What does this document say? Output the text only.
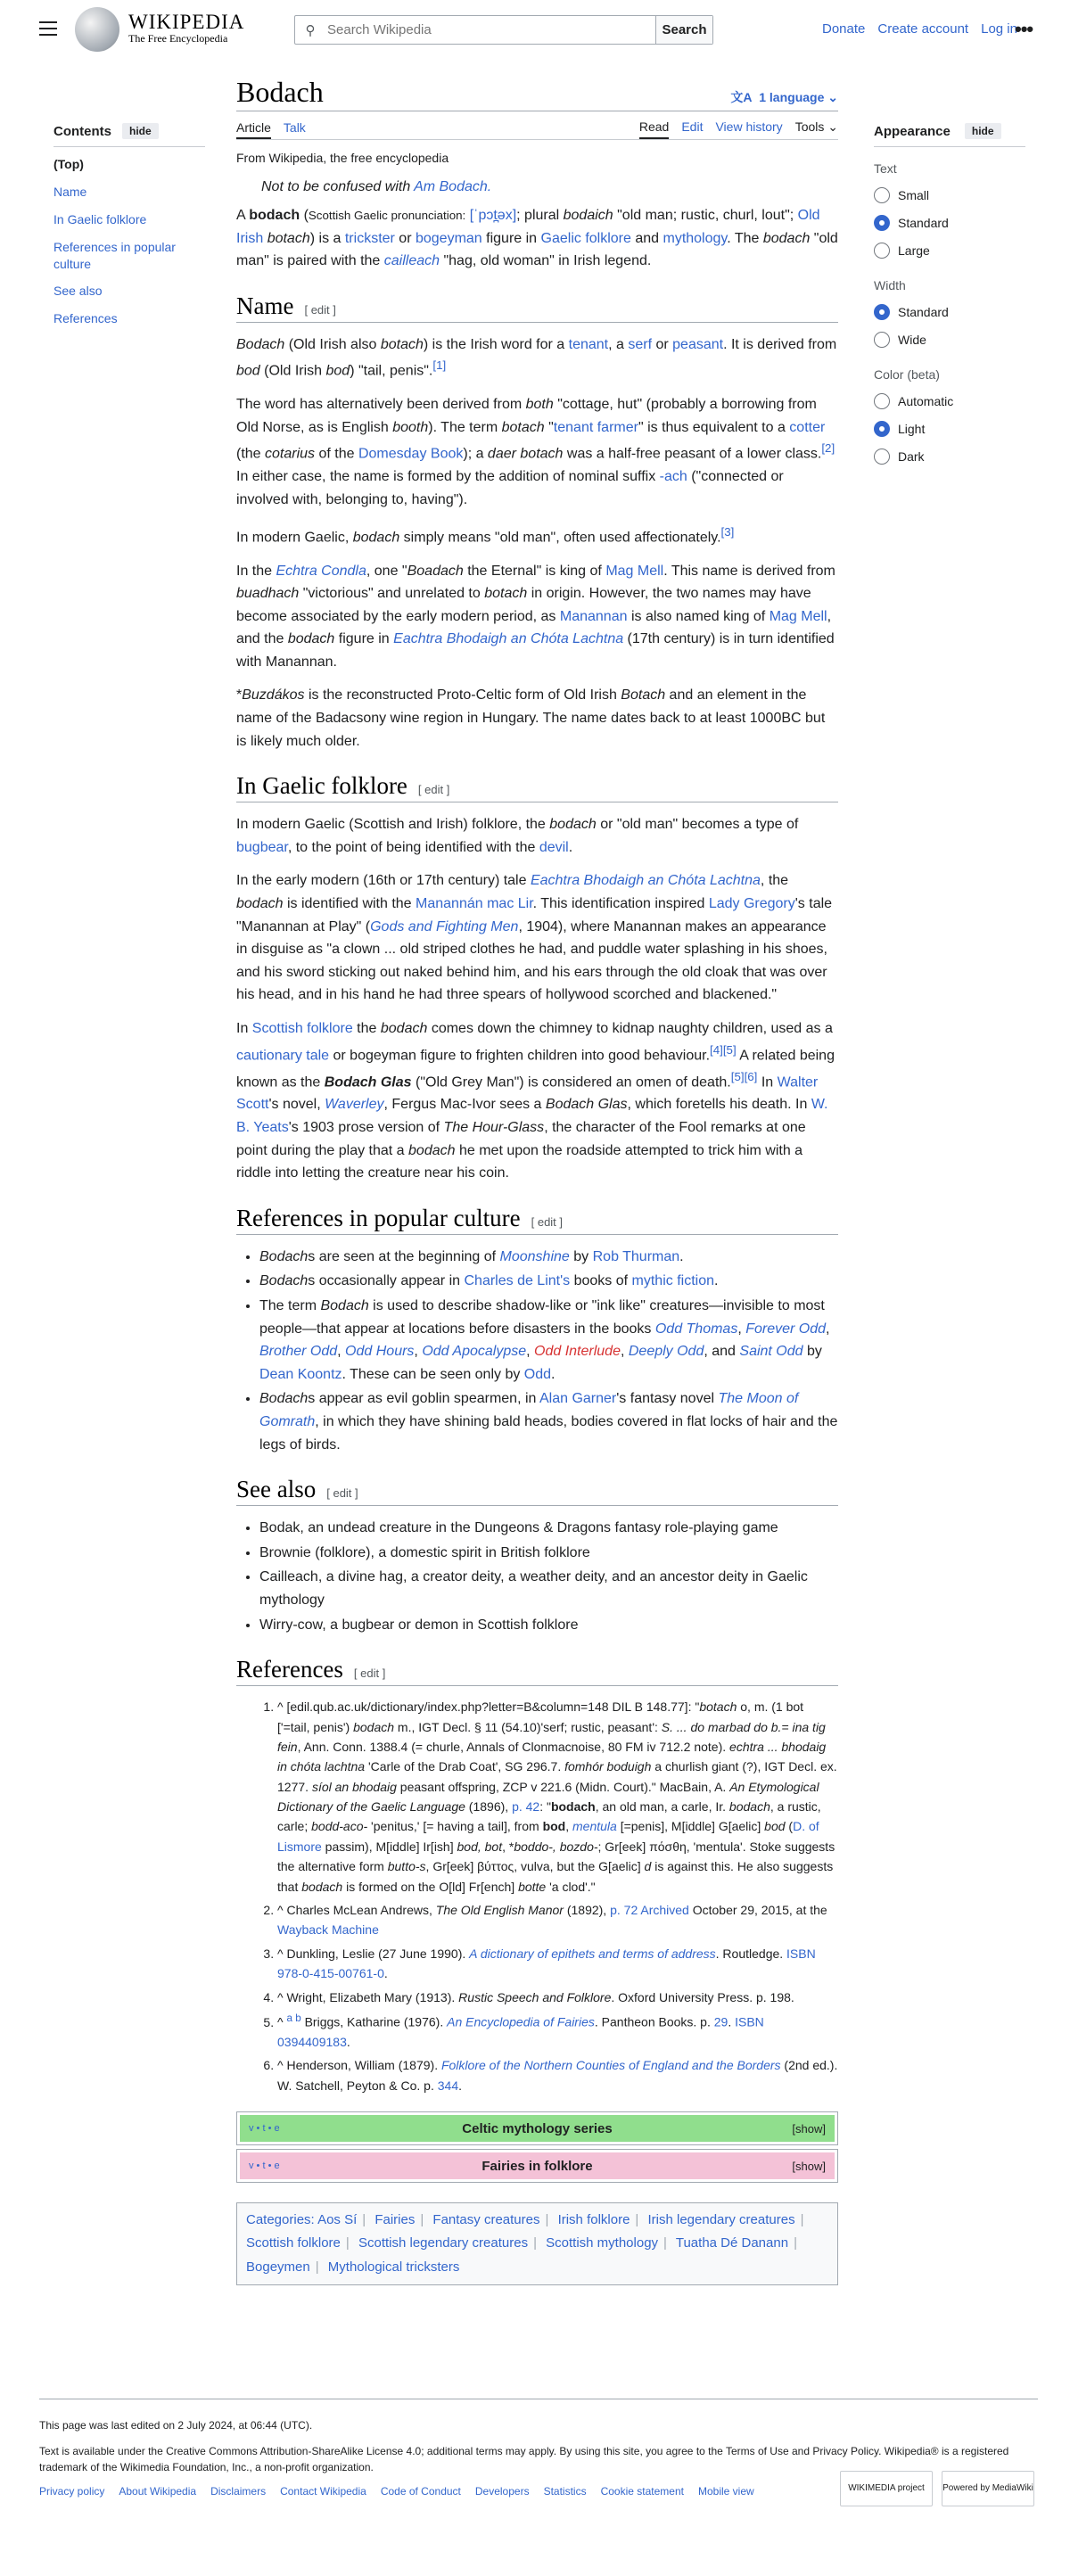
WIKIPEDIA
The Free Encyclopedia
⚲
Search Wikipedia	Search	Donate Create account Log in
•••
Contents	hide
(Top)
Name
In Gaelic folklore
References in popular culture
See also
References
Appearance	hide
Text
Small
Standard
Large
Width
Standard
Wide
Color (beta)
Automatic
Light
Dark
Bodach	文A  1 language ⌄
Article Talk	Read Edit View history Tools ⌄
From Wikipedia, the free encyclopedia
Not to be confused with Am Bodach.

A bodach (Scottish Gaelic pronunciation: [ˈpɔt̪əx]; plural bodaich "old man; rustic, churl, lout"; Old Irish botach) is a trickster or bogeyman figure in Gaelic folklore and mythology. The bodach "old man" is paired with the cailleach "hag, old woman" in Irish legend.

Name [ edit ]

Bodach (Old Irish also botach) is the Irish word for a tenant, a serf or peasant. It is derived from bod (Old Irish bod) "tail, penis".[1]

The word has alternatively been derived from both "cottage, hut" (probably a borrowing from Old Norse, as is English booth). The term botach "tenant farmer" is thus equivalent to a cotter (the cotarius of the Domesday Book); a daer botach was a half-free peasant of a lower class.[2] In either case, the name is formed by the addition of nominal suffix -ach ("connected or involved with, belonging to, having").

In modern Gaelic, bodach simply means "old man", often used affectionately.[3]

In the Echtra Condla, one "Boadach the Eternal" is king of Mag Mell. This name is derived from buadhach "victorious" and unrelated to botach in origin. However, the two names may have become associated by the early modern period, as Manannan is also named king of Mag Mell, and the bodach figure in Eachtra Bhodaigh an Chóta Lachtna (17th century) is in turn identified with Manannan.

*Buzdákos is the reconstructed Proto-Celtic form of Old Irish Botach and an element in the name of the Badacsony wine region in Hungary. The name dates back to at least 1000BC but is likely much older.

In Gaelic folklore [ edit ]

In modern Gaelic (Scottish and Irish) folklore, the bodach or "old man" becomes a type of bugbear, to the point of being identified with the devil.

In the early modern (16th or 17th century) tale Eachtra Bhodaigh an Chóta Lachtna, the bodach is identified with the Manannán mac Lir. This identification inspired Lady Gregory's tale "Manannan at Play" (Gods and Fighting Men, 1904), where Manannan makes an appearance in disguise as "a clown ... old striped clothes he had, and puddle water splashing in his shoes, and his sword sticking out naked behind him, and his ears through the old cloak that was over his head, and in his hand he had three spears of hollywood scorched and blackened."

In Scottish folklore the bodach comes down the chimney to kidnap naughty children, used as a cautionary tale or bogeyman figure to frighten children into good behaviour.[4][5] A related being known as the Bodach Glas ("Old Grey Man") is considered an omen of death.[5][6] In Walter Scott's novel, Waverley, Fergus Mac-Ivor sees a Bodach Glas, which foretells his death. In W. B. Yeats's 1903 prose version of The Hour-Glass, the character of the Fool remarks at one point during the play that a bodach he met upon the roadside attempted to trick him with a riddle into letting the creature near his coin.

References in popular culture [ edit ]
• Bodachs are seen at the beginning of Moonshine by Rob Thurman.
• Bodachs occasionally appear in Charles de Lint's books of mythic fiction.
• The term Bodach is used to describe shadow-like or "ink like" creatures—invisible to most people—that appear at locations before disasters in the books Odd Thomas, Forever Odd, Brother Odd, Odd Hours, Odd Apocalypse, Odd Interlude, Deeply Odd, and Saint Odd by Dean Koontz. These can be seen only by Odd.
• Bodachs appear as evil goblin spearmen, in Alan Garner's fantasy novel The Moon of Gomrath, in which they have shining bald heads, bodies covered in flat locks of hair and the legs of birds.
See also [ edit ]
• Bodak, an undead creature in the Dungeons & Dragons fantasy role-playing game
• Brownie (folklore), a domestic spirit in British folklore
• Cailleach, a divine hag, a creator deity, a weather deity, and an ancestor deity in Gaelic mythology
• Wirry-cow, a bugbear or demon in Scottish folklore
References [ edit ]
1. ^ [edil.qub.ac.uk/dictionary/index.php?letter=B&column=148 DIL B 148.77]: "botach o, m. (1 bot ['=tail, penis') bodach m., IGT Decl. § 11 (54.10)'serf; rustic, peasant': S. ... do marbad do b.= ina tig fein, Ann. Conn. 1388.4 (= churle, Annals of Clonmacnoise, 80 FM iv 712.2 note). echtra ... bhodaig in chóta lachtna 'Carle of the Drab Coat', SG 296.7. fomhór boduigh a churlish giant (?), IGT Decl. ex. 1277. síol an bhodaig peasant offspring, ZCP v 221.6 (Midn. Court)." MacBain, A. An Etymological Dictionary of the Gaelic Language (1896), p. 42: "bodach, an old man, a carle, Ir. bodach, a rustic, carle; bodd-aco- 'penitus,' [= having a tail], from bod, mentula [=penis], M[iddle] G[aelic] bod (D. of Lismore passim), M[iddle] Ir[ish] bod, bot, *boddo-, bozdo-; Gr[eek] πόσθη, 'mentula'. Stoke suggests the alternative form butto-s, Gr[eek] βύττος, vulva, but the G[aelic] d is against this. He also suggests that bodach is formed on the O[ld] Fr[ench] botte 'a clod'."
2. ^ Charles McLean Andrews, The Old English Manor (1892), p. 72 Archived October 29, 2015, at the Wayback Machine
3. ^ Dunkling, Leslie (27 June 1990). A dictionary of epithets and terms of address. Routledge. ISBN 978-0-415-00761-0.
4. ^ Wright, Elizabeth Mary (1913). Rustic Speech and Folklore. Oxford University Press. p. 198.
5. ^ $^{a b}$ Briggs, Katharine (1976). An Encyclopedia of Fairies. Pantheon Books. p. 29. ISBN 0394409183.
6. ^ Henderson, William (1879). Folklore of the Northern Counties of England and the Borders (2nd ed.). W. Satchell, Peyton & Co. p. 344.
v • t • e	Celtic mythology series	[show]
v • t • e	Fairies in folklore	[show]
Categories: Aos Sí | Fairies | Fantasy creatures | Irish folklore | Irish legendary creatures | Scottish folklore | Scottish legendary creatures | Scottish mythology | Tuatha Dé Danann | Bogeymen | Mythological tricksters

This page was last edited on 2 July 2024, at 06:44 (UTC).

Text is available under the Creative Commons Attribution-ShareAlike License 4.0; additional terms may apply. By using this site, you agree to the Terms of Use and Privacy Policy. Wikipedia® is a registered trademark of the Wikimedia Foundation, Inc., a non-profit organization.

Privacy policy About Wikipedia Disclaimers Contact Wikipedia Code of Conduct Developers Statistics Cookie statement Mobile view	WIKIMEDIA project	Powered by MediaWiki
